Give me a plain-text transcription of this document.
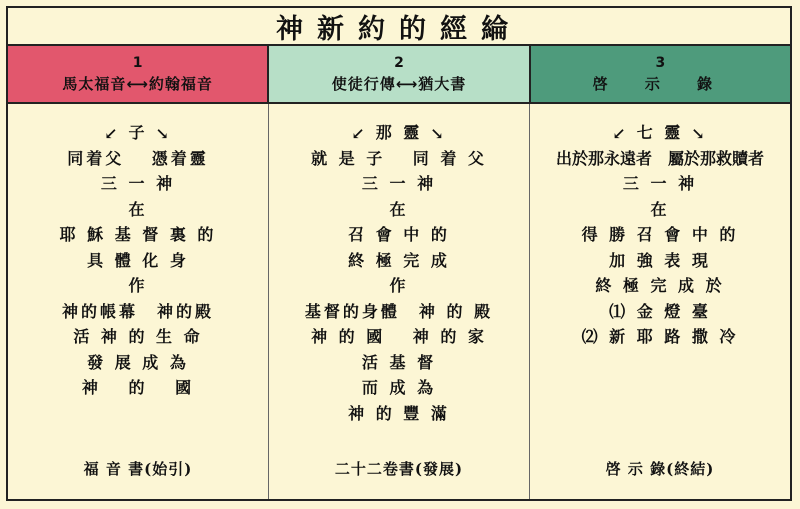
神新約的經綸
1
馬太福音⟷約翰福音
2
使徒行傳⟷猶大書
3
啓 示 錄
↙ 子 ↘
同着父　 憑着靈
三 一 神
在
耶 穌 基 督 裏 的
具 體 化 身
作
神的帳幕　神的殿
活 神 的 生 命
發 展 成 為
神　 的　 國
福 音 書(始引)
↙ 那 靈 ↘
就 是 子　 同 着 父
三 一 神
在
召 會 中 的
終 極 完 成
作
基督的身體　神 的 殿
神 的 國　 神 的 家
活 基 督
而 成 為
神 的 豐 滿
二十二卷書(發展)
↙ 七 靈 ↘
出於那永遠者　屬於那救贖者
三 一 神
在
得 勝 召 會 中 的
加 強 表 現
終 極 完 成 於
⑴ 金 燈 臺
⑵ 新 耶 路 撒 冷
啓 示 錄(終結)
